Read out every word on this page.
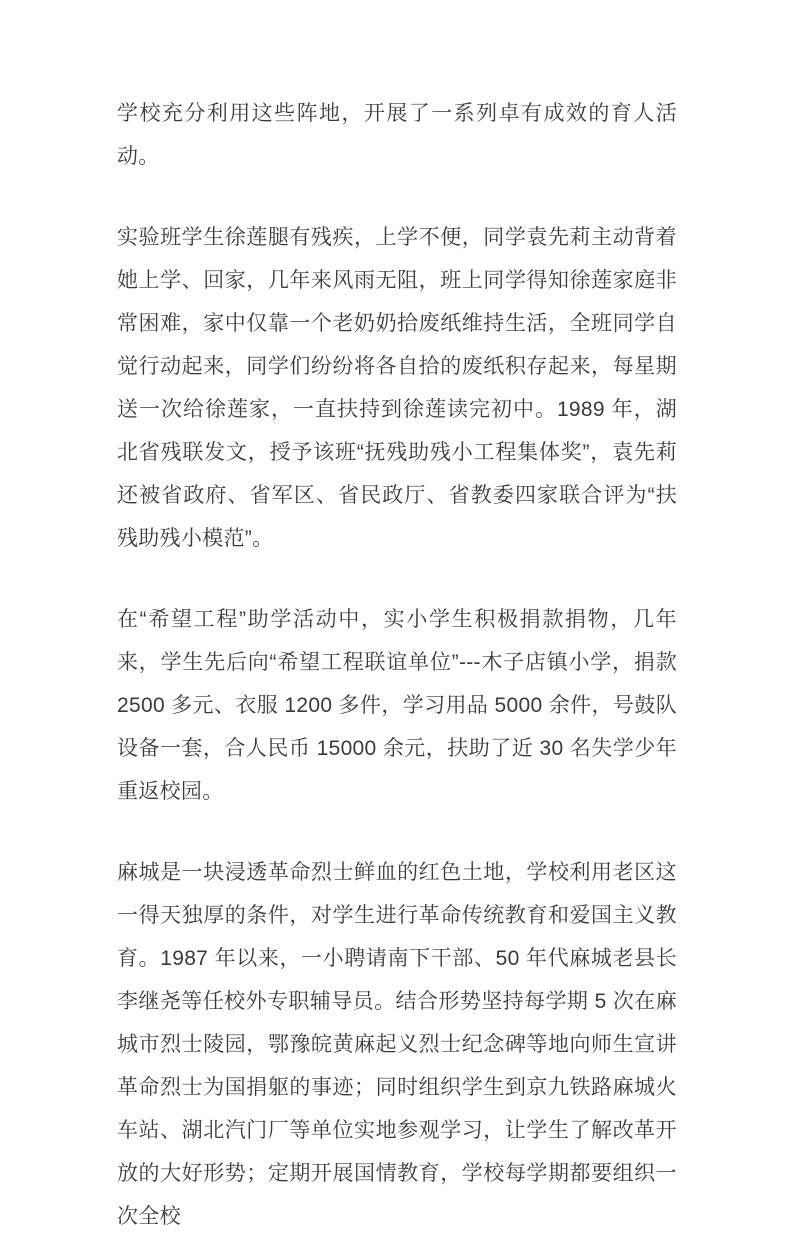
学校充分利用这些阵地，开展了一系列卓有成效的育人活动。

实验班学生徐莲腿有残疾，上学不便，同学袁先莉主动背着她上学、回家，几年来风雨无阻，班上同学得知徐莲家庭非常困难，家中仅靠一个老奶奶拾废纸维持生活，全班同学自觉行动起来，同学们纷纷将各自拾的废纸积存起来，每星期送一次给徐莲家，一直扶持到徐莲读完初中。1989 年，湖北省残联发文，授予该班“抚残助残小工程集体奖”，袁先莉还被省政府、省军区、省民政厅、省教委四家联合评为“扶残助残小模范”。

在“希望工程”助学活动中，实小学生积极捐款捐物，几年来，学生先后向“希望工程联谊单位”---木子店镇小学，捐款 2500 多元、衣服 1200 多件，学习用品 5000 余件，号鼓队设备一套，合人民币 15000 余元，扶助了近 30 名失学少年重返校园。

麻城是一块浸透革命烈士鲜血的红色土地，学校利用老区这一得天独厚的条件，对学生进行革命传统教育和爱国主义教育。1987 年以来，一小聘请南下干部、50 年代麻城老县长李继尧等任校外专职辅导员。结合形势坚持每学期 5 次在麻城市烈士陵园，鄂豫皖黄麻起义烈士纪念碑等地向师生宣讲革命烈士为国捐躯的事迹；同时组织学生到京九铁路麻城火车站、湖北汽门厂等单位实地参观学习，让学生了解改革开放的大好形势；定期开展国情教育，学校每学期都要组织一次全校
